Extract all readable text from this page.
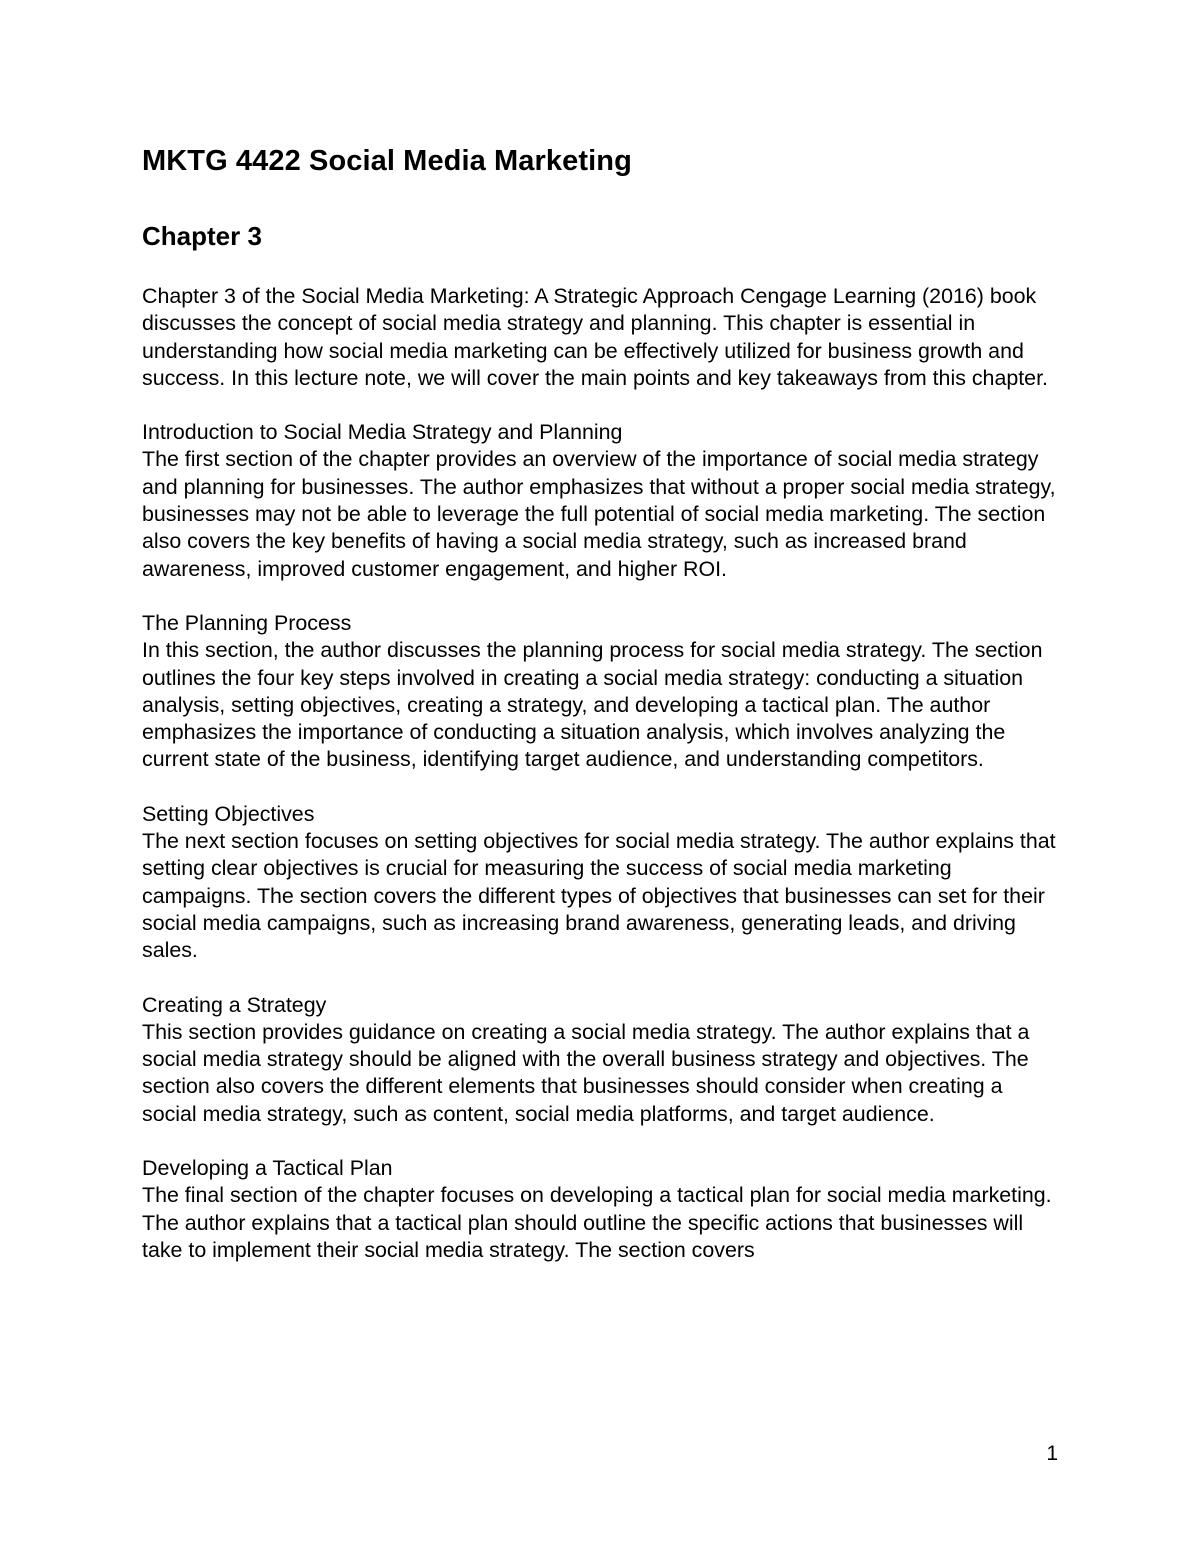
MKTG 4422 Social Media Marketing
Chapter 3

Chapter 3 of the Social Media Marketing: A Strategic Approach Cengage Learning (2016) book discusses the concept of social media strategy and planning. This chapter is essential in understanding how social media marketing can be effectively utilized for business growth and success. In this lecture note, we will cover the main points and key takeaways from this chapter.

Introduction to Social Media Strategy and Planning

The first section of the chapter provides an overview of the importance of social media strategy and planning for businesses. The author emphasizes that without a proper social media strategy, businesses may not be able to leverage the full potential of social media marketing. The section also covers the key benefits of having a social media strategy, such as increased brand awareness, improved customer engagement, and higher ROI.

The Planning Process

In this section, the author discusses the planning process for social media strategy. The section outlines the four key steps involved in creating a social media strategy: conducting a situation analysis, setting objectives, creating a strategy, and developing a tactical plan. The author emphasizes the importance of conducting a situation analysis, which involves analyzing the current state of the business, identifying target audience, and understanding competitors.

Setting Objectives

The next section focuses on setting objectives for social media strategy. The author explains that setting clear objectives is crucial for measuring the success of social media marketing campaigns. The section covers the different types of objectives that businesses can set for their social media campaigns, such as increasing brand awareness, generating leads, and driving sales.

Creating a Strategy

This section provides guidance on creating a social media strategy. The author explains that a social media strategy should be aligned with the overall business strategy and objectives. The section also covers the different elements that businesses should consider when creating a social media strategy, such as content, social media platforms, and target audience.

Developing a Tactical Plan

The final section of the chapter focuses on developing a tactical plan for social media marketing. The author explains that a tactical plan should outline the specific actions that businesses will take to implement their social media strategy. The section covers

1
